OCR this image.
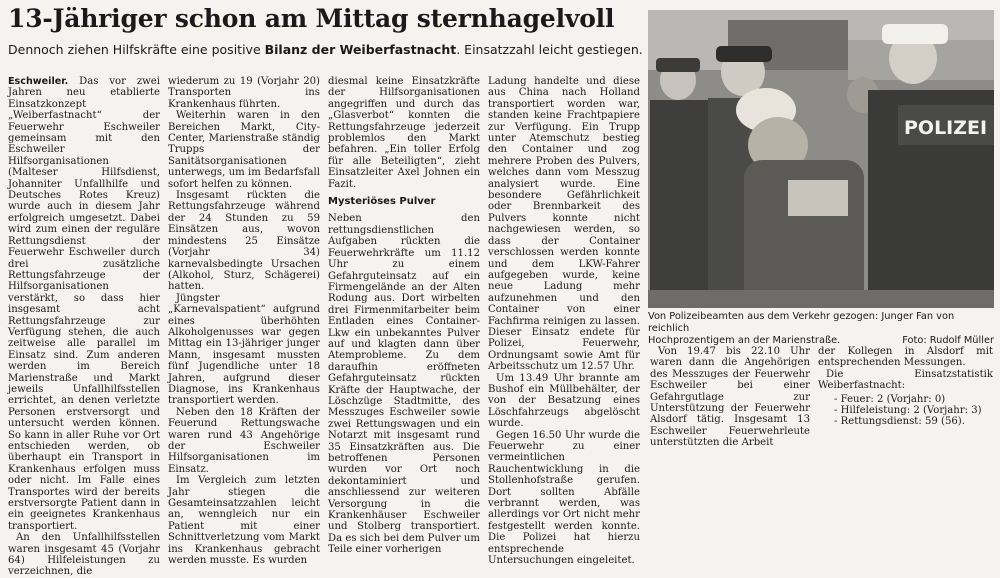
13-Jähriger schon am Mittag sternhagelvoll
Dennoch ziehen Hilfskräfte eine positive Bilanz der Weiberfastnacht. Einsatzzahl leicht gestiegen.

Eschweiler. Das vor zwei Jahren neu etablierte Einsatzkonzept „Weiberfastnacht“ der Feuerwehr Eschweiler gemeinsam mit den Eschweiler Hilfsorganisationen (Malteser Hilfsdienst, Johanniter Unfallhilfe und Deutsches Rotes Kreuz) wurde auch in diesem Jahr erfolgreich umgesetzt. Dabei wird zum einen der reguläre Rettungsdienst der Feuerwehr Eschweiler durch drei zusätzliche Rettungsfahrzeuge der Hilfsorganisationen verstärkt, so dass hier insgesamt acht Rettungsfahrzeuge zur Verfügung stehen, die auch zeitweise alle parallel im Einsatz sind. Zum anderen werden im Bereich Marienstraße und Markt jeweils Unfallhilfsstellen errichtet, an denen verletzte Personen erstversorgt und untersucht werden können. So kann in aller Ruhe vor Ort entschieden werden, ob überhaupt ein Transport in Krankenhaus erfolgen muss oder nicht. Im Falle eines Transportes wird der bereits erstversorgte Patient dann in ein geeignetes Krankenhaus transportiert.

An den Unfallhilfsstellen waren insgesamt 45 (Vorjahr 64) Hilfeleistungen zu verzeichnen, die

wiederum zu 19 (Vorjahr 20) Transporten ins Krankenhaus führten.

Weiterhin waren in den Bereichen Markt, City-Center, Marienstraße ständig Trupps der Sanitätsorganisationen unterwegs, um im Bedarfsfall sofort helfen zu können.

Insgesamt rückten die Rettungsfahrzeuge während der 24 Stunden zu 59 Einsätzen aus, wovon mindestens 25 Einsätze (Vorjahr 34) karnevalsbedingte Ursachen (Alkohol, Sturz, Schägerei) hatten.

Jüngster „Karnevalspatient“ aufgrund eines überhöhten Alkoholgenusses war gegen Mittag ein 13-jähriger junger Mann, insgesamt mussten fünf Jugendliche unter 18 Jahren, aufgrund dieser Diagnose, ins Krankenhaus transportiert werden.

Neben den 18 Kräften der Feuerund Rettungswache waren rund 43 Angehörige der Eschweiler Hilfsorganisationen im Einsatz.

Im Vergleich zum letzten Jahr stiegen die Gesamteinsatzzahlen leicht an, wenngleich nur ein Patient mit einer Schnittverletzung vom Markt ins Krankenhaus gebracht werden musste. Es wurden

diesmal keine Einsatzkräfte der Hilfsorganisationen angegriffen und durch das „Glasverbot“ konnten die Rettungsfahrzeuge jederzeit problemlos den Markt befahren. „Ein toller Erfolg für alle Beteiligten“, zieht Einsatzleiter Axel Johnen ein Fazit.

Mysteriöses Pulver

Neben den rettungsdienstlichen Aufgaben rückten die Feuerwehrkräfte um 11.12 Uhr zu einem Gefahrguteinsatz auf ein Firmengelände an der Alten Rodung aus. Dort wirbelten drei Firmenmitarbeiter beim Entladen eines Container-Lkw ein unbekanntes Pulver auf und klagten dann über Atemprobleme. Zu dem daraufhin eröffneten Gefahrguteinsatz rückten Kräfte der Hauptwache, der Löschzüge Stadtmitte, des Messzuges Eschweiler sowie zwei Rettungswagen und ein Notarzt mit insgesamt rund 35 Einsatzkräften aus. Die betroffenen Personen wurden vor Ort noch dekontaminiert und anschliessend zur weiteren Versorgung in die Krankenhäuser Eschweiler und Stolberg transportiert. Da es sich bei dem Pulver um Teile einer vorherigen

Ladung handelte und diese aus China nach Holland transportiert worden war, standen keine Frachtpapiere zur Verfügung. Ein Trupp unter Atemschutz bestieg den Container und zog mehrere Proben des Pulvers, welches dann vom Messzug analysiert wurde. Eine besondere Gefährlichkeit oder Brennbarkeit des Pulvers konnte nicht nachgewiesen werden, so dass der Container verschlossen werden konnte und dem LKW-Fahrer aufgegeben wurde, keine neue Ladung mehr aufzunehmen und den Container von einer Fachfirma reinigen zu lassen. Dieser Einsatz endete für Polizei, Feuerwehr, Ordnungsamt sowie Amt für Arbeitsschutz um 12.57 Uhr.

Um 13.49 Uhr brannte am Bushof ein Müllbehälter, der von der Besatzung eines Löschfahrzeugs abgelöscht wurde.

Gegen 16.50 Uhr wurde die Feuerwehr zu einer vermeintlichen Rauchentwicklung in die Stollenhofstraße gerufen. Dort sollten Abfälle verbrannt werden, was allerdings vor Ort nicht mehr festgestellt werden konnte. Die Polizei hat hierzu entsprechende Untersuchungen eingeleitet.

POLIZEI
Von Polizeibeamten aus dem Verkehr gezogen: Junger Fan von reichlich
Hochprozentigem an der Marienstraße.	Foto: Rudolf Müller

Von 19.47 bis 22.10 Uhr waren dann die Angehörigen des Messzuges der Feuerwehr Eschweiler bei einer Gefahrgutlage zur Unterstützung der Feuerwehr Alsdorf tätig. Insgesamt 13 Eschweiler Feuerwehrleute unterstützten die Arbeit

der Kollegen in Alsdorf mit entsprechenden Messungen.

Die Einsatzstatistik Weiberfastnacht:

- Feuer: 2 (Vorjahr: 0)
- Hilfeleistung: 2 (Vorjahr: 3)
- Rettungsdienst: 59 (56).
